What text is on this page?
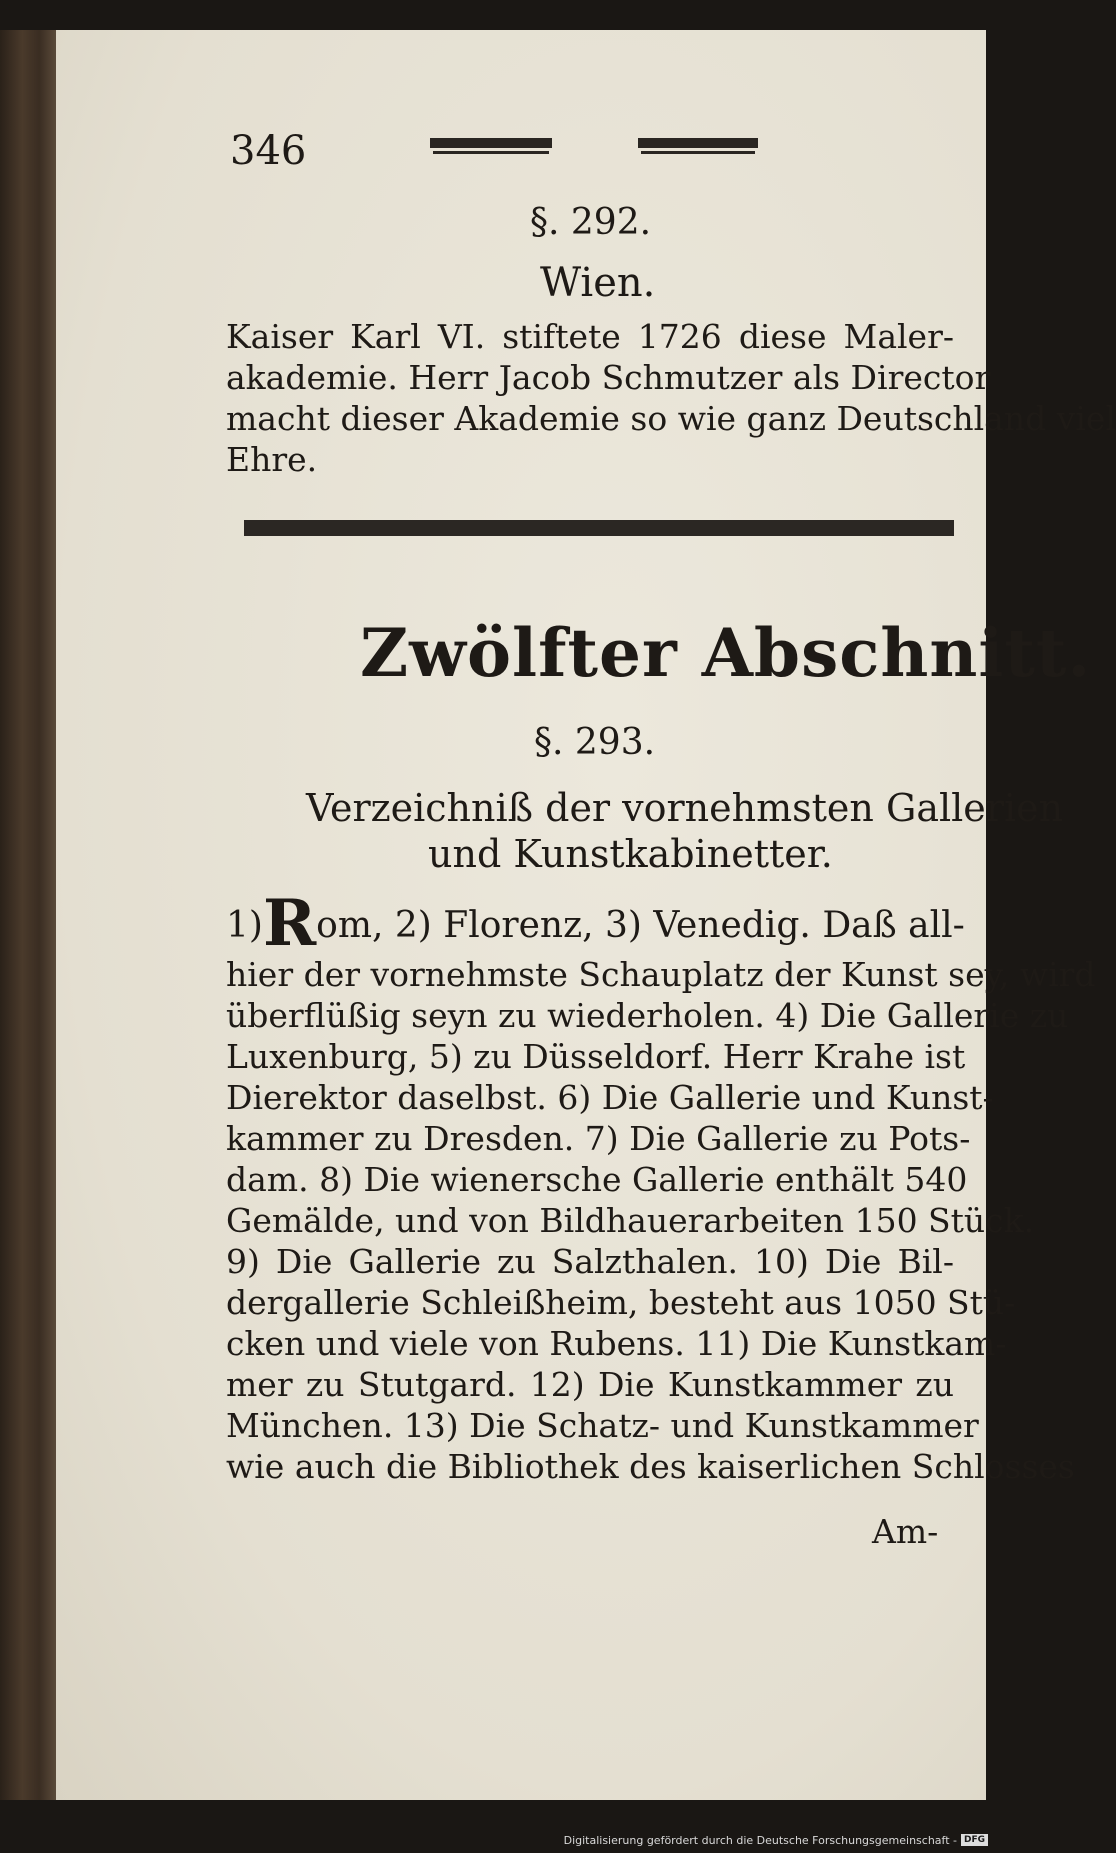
346
§. 292.
Wien.
Kaiser Karl VI. stiftete 1726 diese Maler-
akademie. Herr Jacob Schmutzer als Director
macht dieser Akademie so wie ganz Deutschland viel
Ehre.
Zwölfter Abschnitt.
§. 293.
Verzeichniß der vornehmsten Gallerien
und Kunstkabinetter.
1)Rom, 2) Florenz, 3) Venedig. Daß all-
hier der vornehmste Schauplatz der Kunst sey, wird
überflüßig seyn zu wiederholen. 4) Die Gallerie zu
Luxenburg, 5) zu Düsseldorf. Herr Krahe ist
Dierektor daselbst. 6) Die Gallerie und Kunst-
kammer zu Dresden. 7) Die Gallerie zu Pots-
dam. 8) Die wienersche Gallerie enthält 540
Gemälde, und von Bildhauerarbeiten 150 Stück.
9) Die Gallerie zu Salzthalen. 10) Die Bil-
dergallerie Schleißheim, besteht aus 1050 Stü-
cken und viele von Rubens. 11) Die Kunstkam-
mer zu Stutgard. 12) Die Kunstkammer zu
München. 13) Die Schatz- und Kunstkammer
wie auch die Bibliothek des kaiserlichen Schlosses
Am-
Digitalisierung gefördert durch die Deutsche Forschungsgemeinschaft - DFG
